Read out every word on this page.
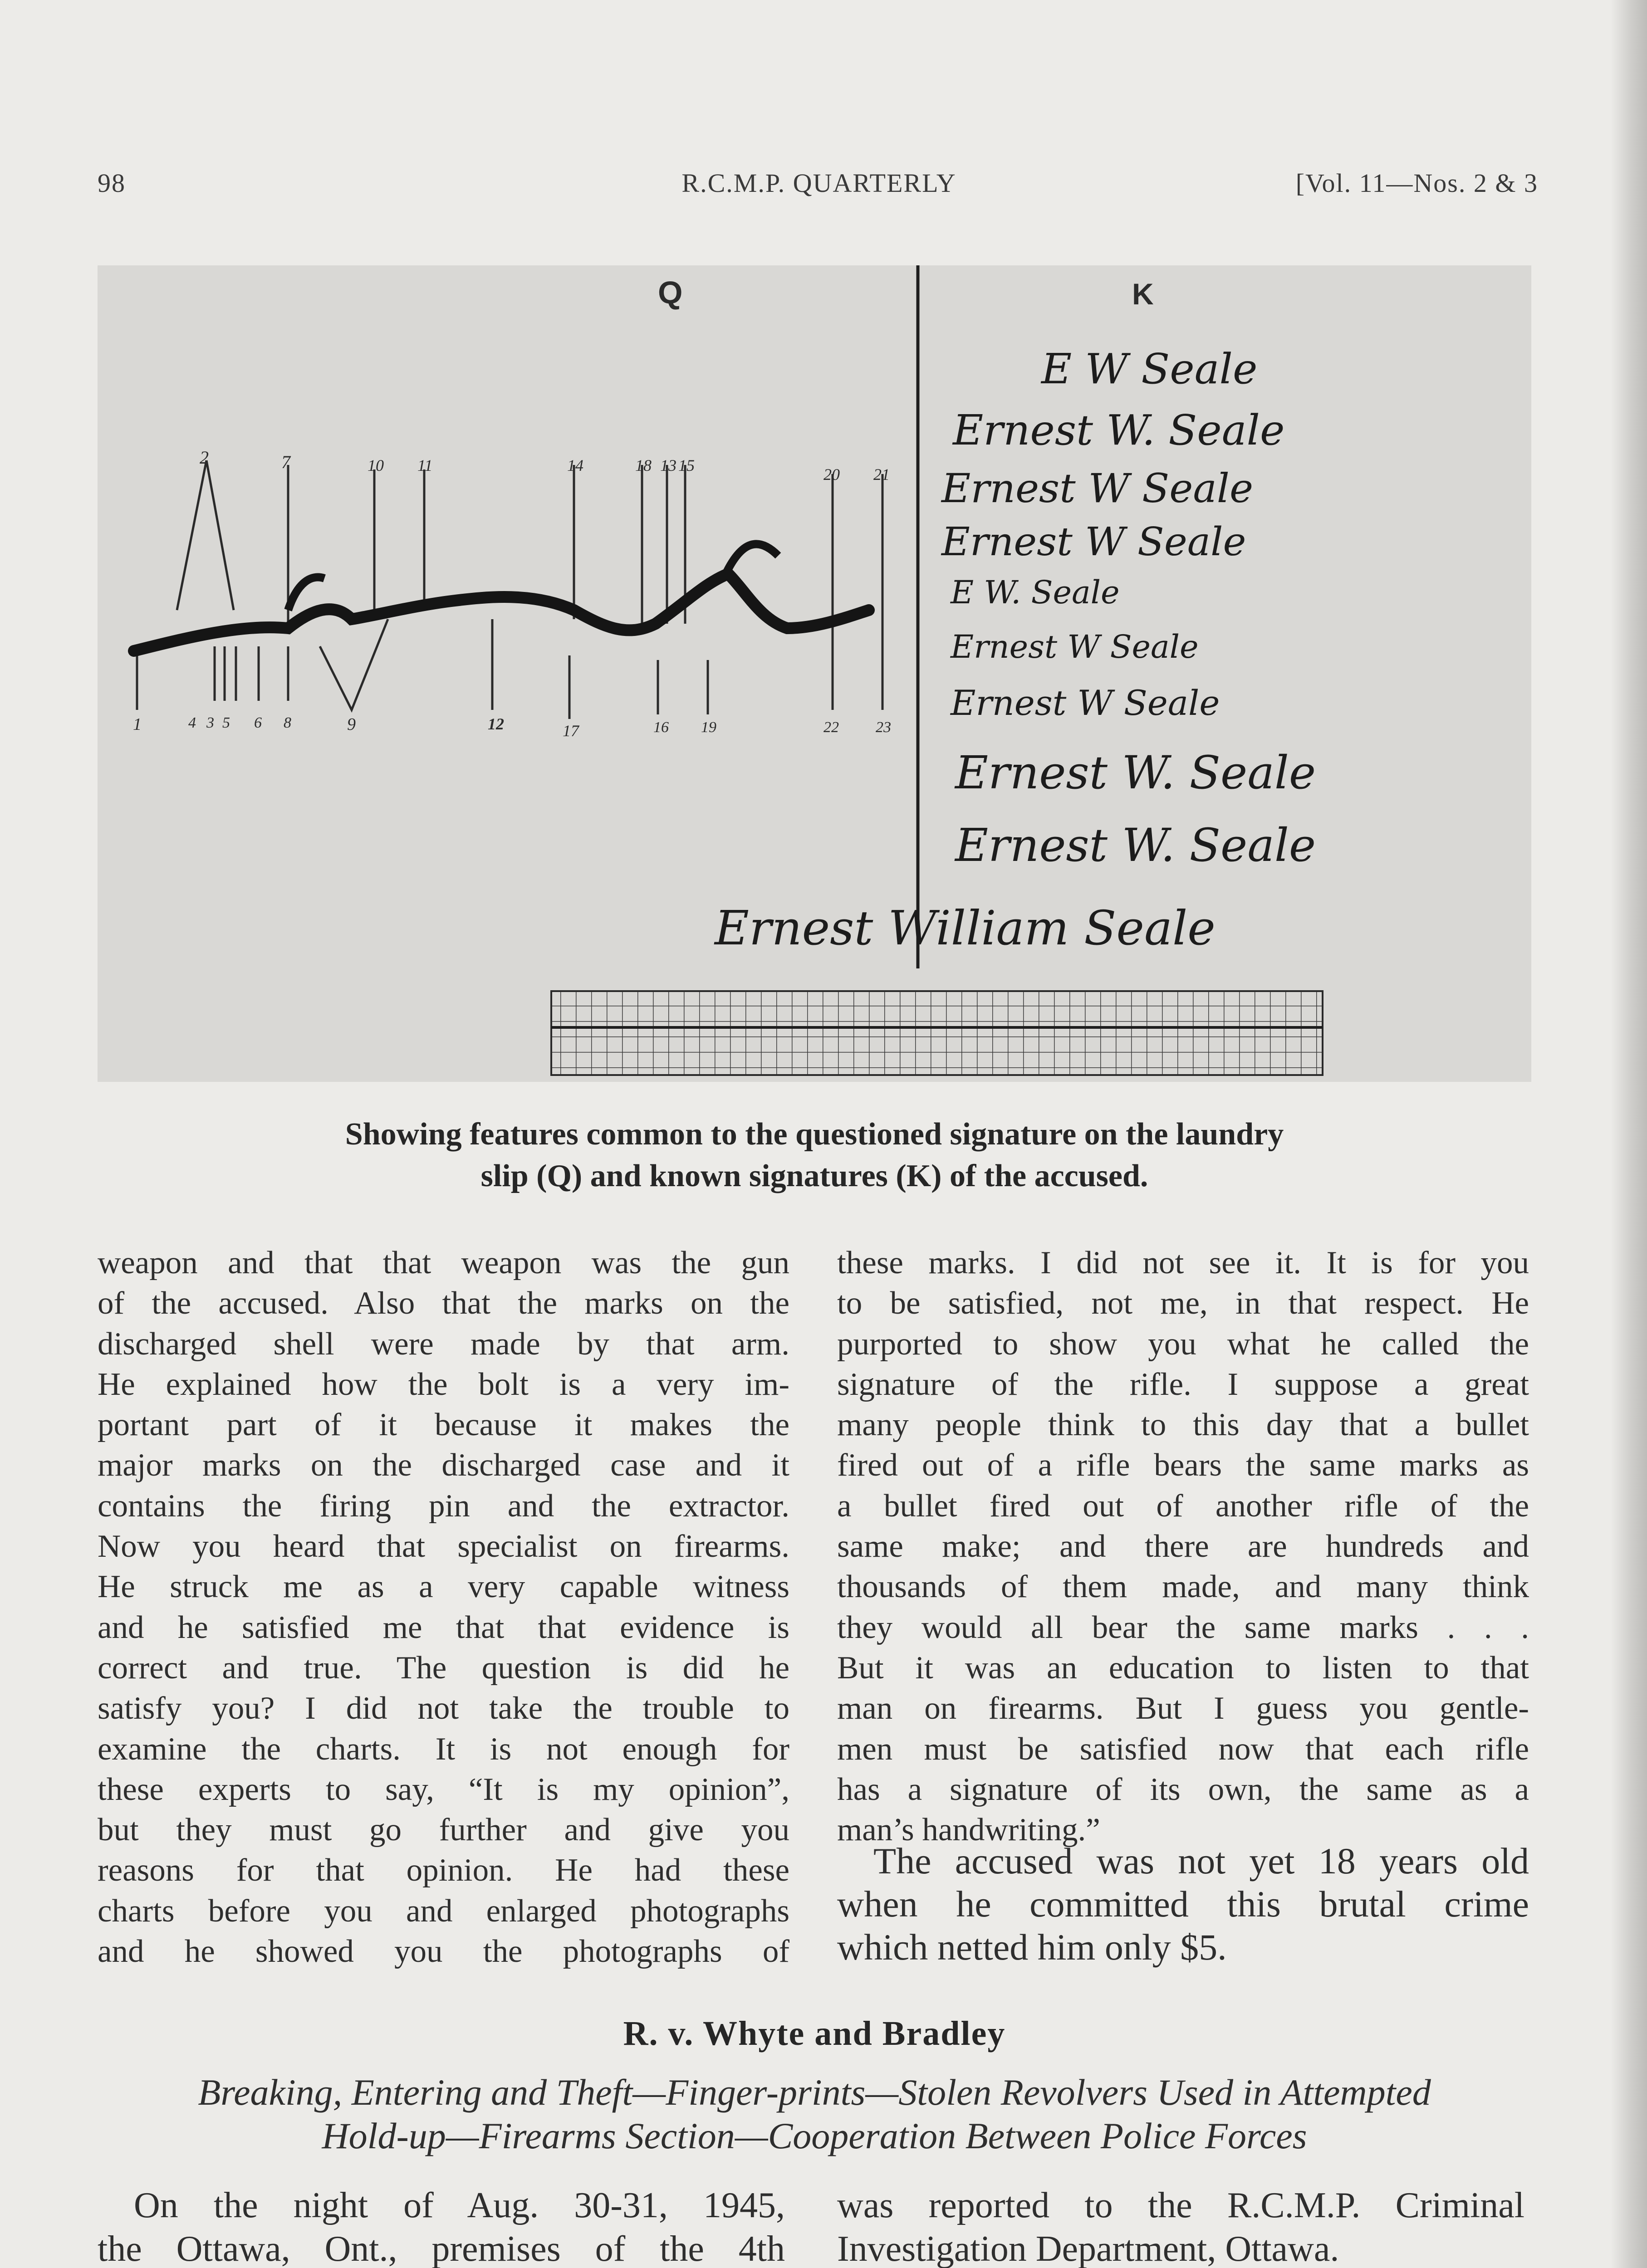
98	R.C.M.P. QUARTERLY	[Vol. 11—Nos. 2 & 3
Q	K
2	7	10 11	14	18 13 15	20 21
1	4 3 5 6 8	9	12	17	16 19	22 23
E W Seale
Ernest W. Seale
Ernest W Seale
Ernest W Seale
E W. Seale
Ernest W Seale
Ernest W Seale
Ernest W. Seale
Ernest W. Seale
Ernest William Seale
Showing features common to the questioned signature on the laundry
slip (Q) and known signatures (K) of the accused.
weapon and that that weapon was the gun
of the accused. Also that the marks on the
discharged shell were made by that arm.
He explained how the bolt is a very im-
portant part of it because it makes the
major marks on the discharged case and it
contains the firing pin and the extractor.
Now you heard that specialist on firearms.
He struck me as a very capable witness
and he satisfied me that that evidence is
correct and true. The question is did he
satisfy you? I did not take the trouble to
examine the charts. It is not enough for
these experts to say, “It is my opinion”,
but they must go further and give you
reasons for that opinion. He had these
charts before you and enlarged photographs
and he showed you the photographs of
these marks. I did not see it. It is for you
to be satisfied, not me, in that respect. He
purported to show you what he called the
signature of the rifle. I suppose a great
many people think to this day that a bullet
fired out of a rifle bears the same marks as
a bullet fired out of another rifle of the
same make; and there are hundreds and
thousands of them made, and many think
they would all bear the same marks . . .
But it was an education to listen to that
man on firearms. But I guess you gentle-
men must be satisfied now that each rifle
has a signature of its own, the same as a
man’s handwriting.”
The accused was not yet 18 years old
when he committed this brutal crime
which netted him only $5.
R. v. Whyte and Bradley
Breaking, Entering and Theft—Finger-prints—Stolen Revolvers Used in Attempted
Hold-up—Firearms Section—Cooperation Between Police Forces
On the night of Aug. 30-31, 1945,
the Ottawa, Ont., premises of the 4th
was reported to the R.C.M.P. Criminal
Investigation Department, Ottawa.
